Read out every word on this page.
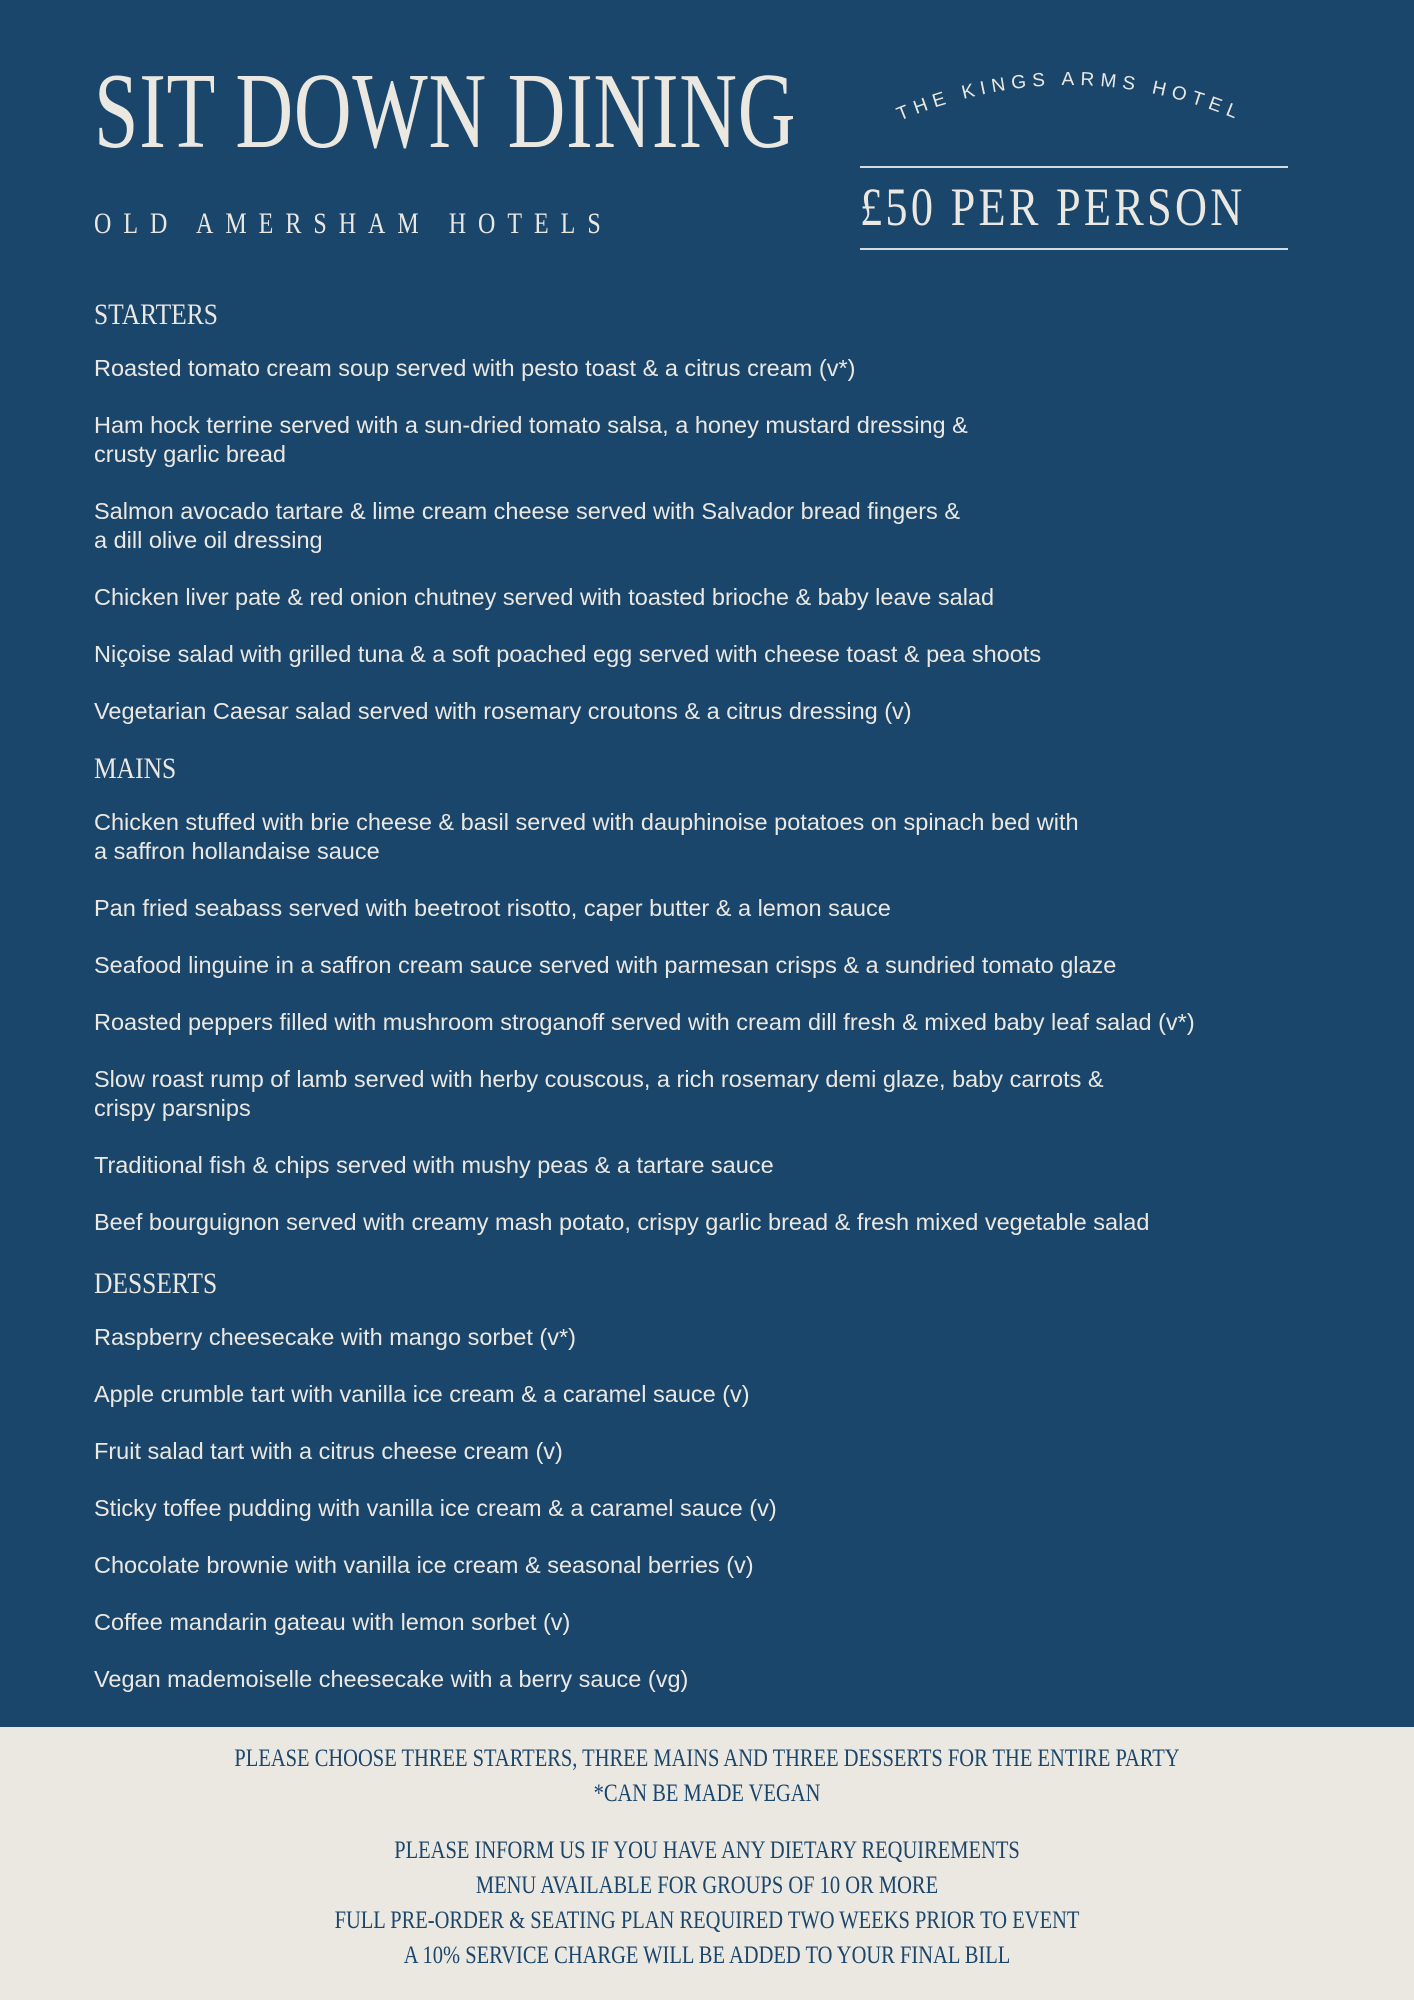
SIT DOWN DINING
OLD AMERSHAM HOTELS
THE KINGS ARMS HOTEL
£50 PER PERSON
STARTERS
Roasted tomato cream soup served with pesto toast & a citrus cream (v*)
Ham hock terrine served with a sun-dried tomato salsa, a honey mustard dressing &
crusty garlic bread
Salmon avocado tartare & lime cream cheese served with Salvador bread fingers &
a dill olive oil dressing
Chicken liver pate & red onion chutney served with toasted brioche & baby leave salad
Niçoise salad with grilled tuna & a soft poached egg served with cheese toast & pea shoots
Vegetarian Caesar salad served with rosemary croutons & a citrus dressing (v)
MAINS
Chicken stuffed with brie cheese & basil served with dauphinoise potatoes on spinach bed with
a saffron hollandaise sauce
Pan fried seabass served with beetroot risotto, caper butter & a lemon sauce
Seafood linguine in a saffron cream sauce served with parmesan crisps & a sundried tomato glaze
Roasted peppers filled with mushroom stroganoff served with cream dill fresh & mixed baby leaf salad (v*)
Slow roast rump of lamb served with herby couscous, a rich rosemary demi glaze, baby carrots &
crispy parsnips
Traditional fish & chips served with mushy peas & a tartare sauce
Beef bourguignon served with creamy mash potato, crispy garlic bread & fresh mixed vegetable salad
DESSERTS
Raspberry cheesecake with mango sorbet (v*)
Apple crumble tart with vanilla ice cream & a caramel sauce (v)
Fruit salad tart with a citrus cheese cream (v)
Sticky toffee pudding with vanilla ice cream & a caramel sauce (v)
Chocolate brownie with vanilla ice cream & seasonal berries (v)
Coffee mandarin gateau with lemon sorbet (v)
Vegan mademoiselle cheesecake with a berry sauce (vg)

PLEASE CHOOSE THREE STARTERS, THREE MAINS AND THREE DESSERTS FOR THE ENTIRE PARTY

*CAN BE MADE VEGAN

PLEASE INFORM US IF YOU HAVE ANY DIETARY REQUIREMENTS

MENU AVAILABLE FOR GROUPS OF 10 OR MORE

FULL PRE-ORDER & SEATING PLAN REQUIRED TWO WEEKS PRIOR TO EVENT

A 10% SERVICE CHARGE WILL BE ADDED TO YOUR FINAL BILL
